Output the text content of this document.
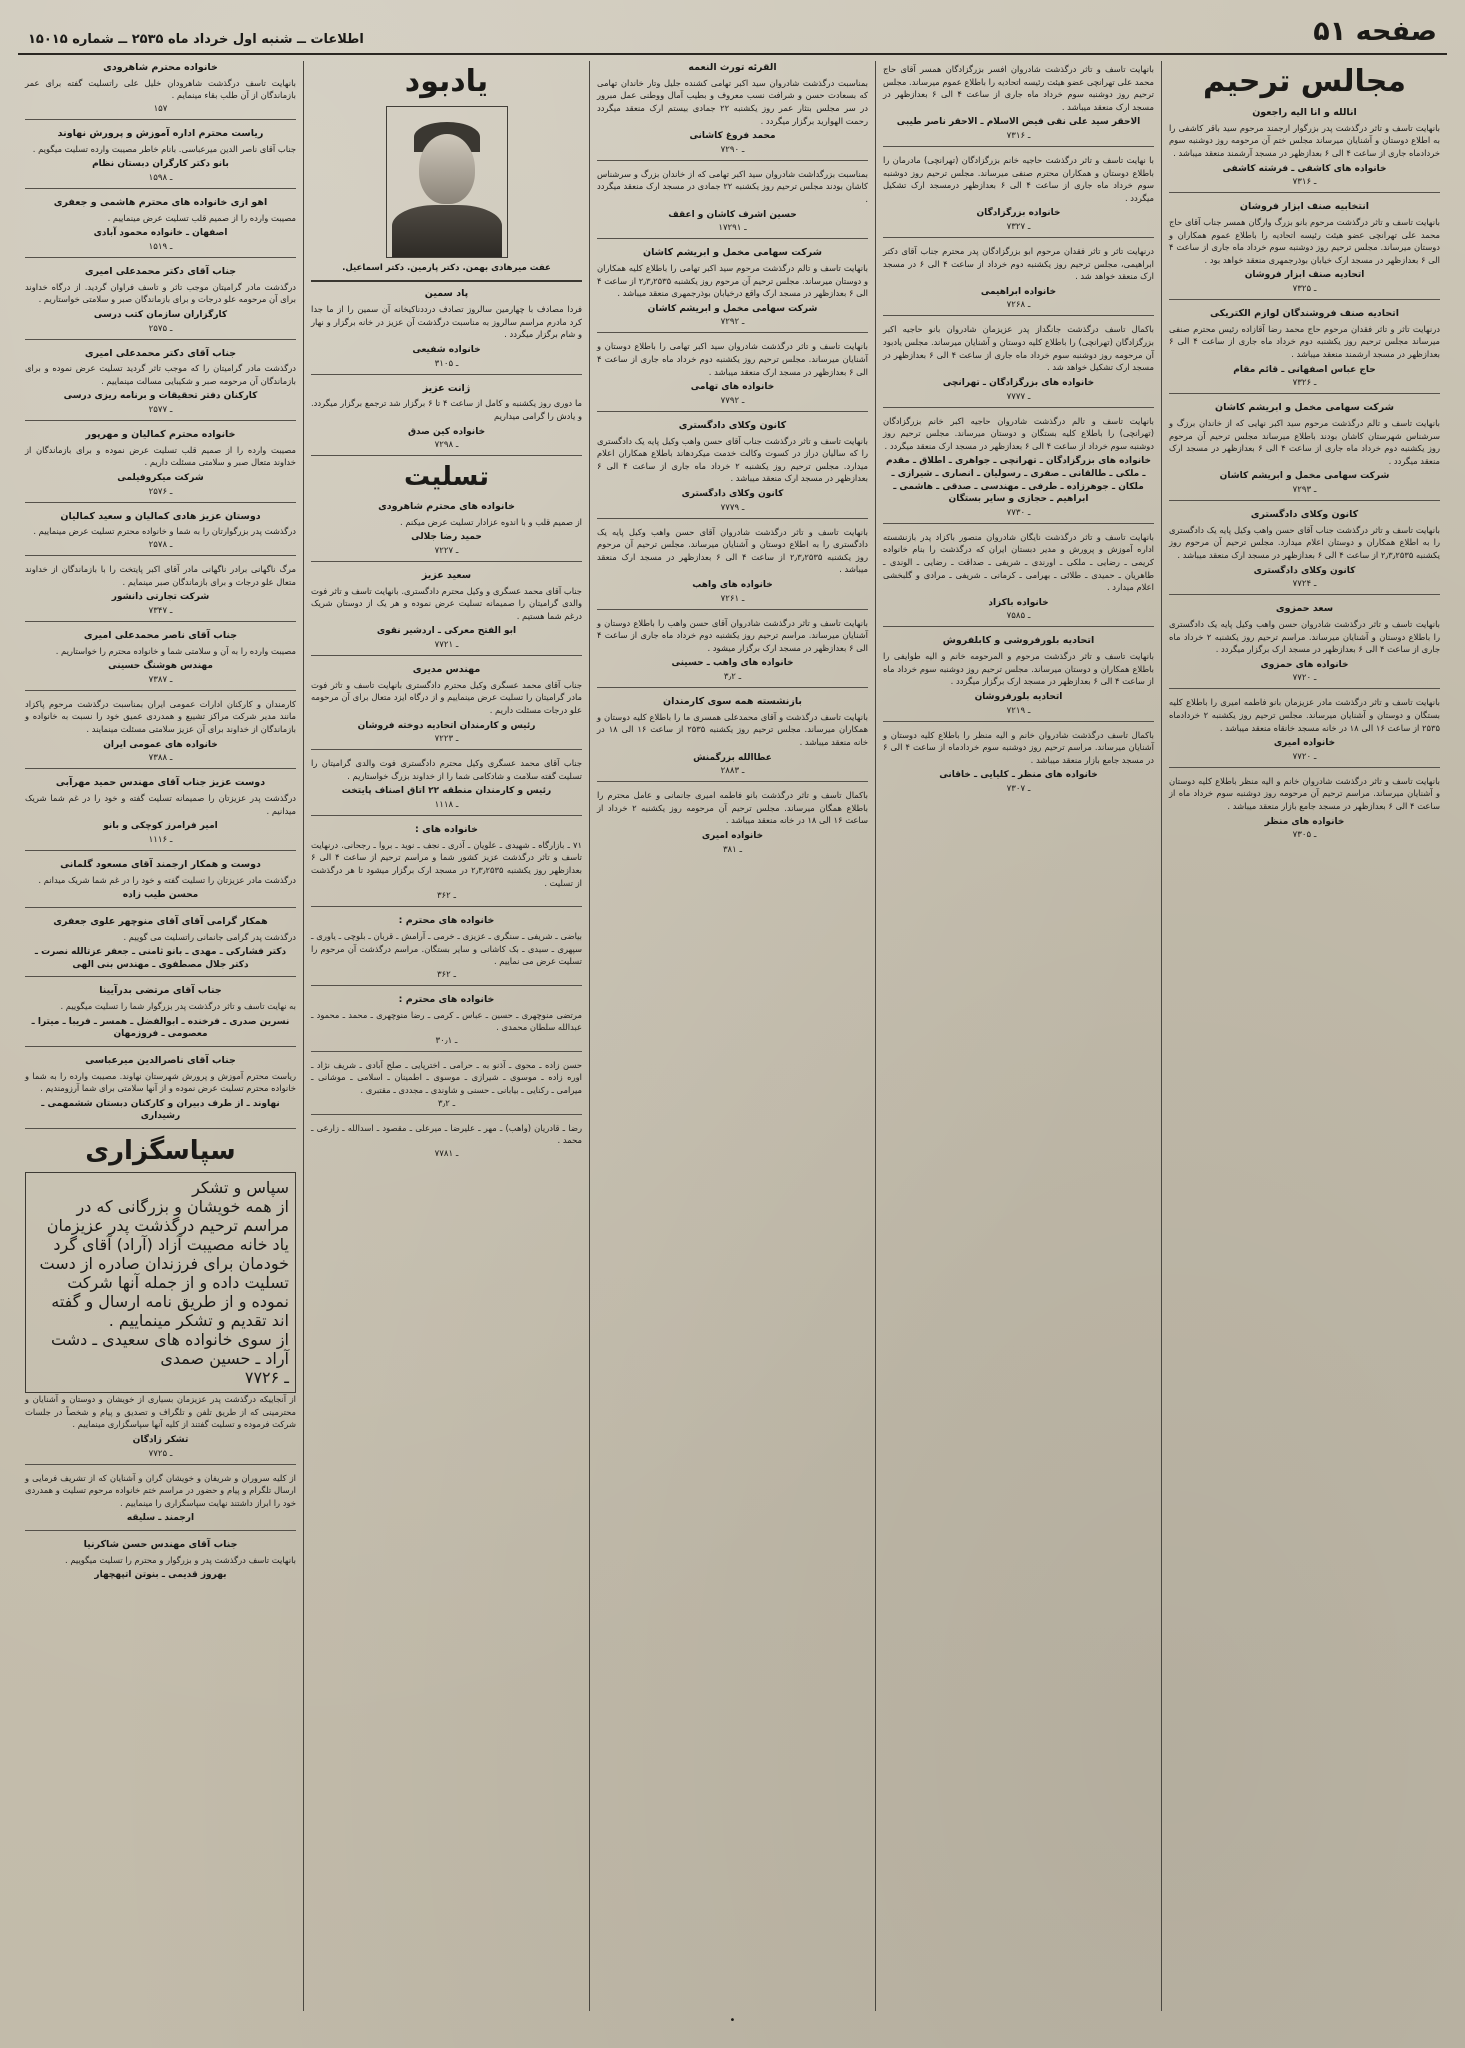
صفحه ۵۱
اطلاعات ــ شنبه اول خرداد ماه ۲۵۳۵ ــ شماره ۱۵۰۱۵
مجالس ترحیم
انالله و انا الیه راجعون
بانهایت تاسف و تاثر درگذشت پدر بزرگوار ارجمند مرحوم سید باقر کاشفی را به اطلاع دوستان و آشنایان میرساند مجلس ختم آن مرحومه روز دوشنبه سوم خردادماه جاری از ساعت ۴ الی ۶ بعدازظهر در مسجد آرشمند منعقد میباشد .
خانواده های کاشفی ـ فرشته کاشفی
ـ ۷۳۱۶
انتخابیه صنف ابزار فروشان
بانهایت تاسف و تاثر درگذشت مرحوم بانو بزرگ وارگان همسر جناب آقای حاج محمد علی تهرانچی عضو هیئت رئیسه اتحادیه را باطلاع عموم همکاران و دوستان میرساند. مجلس ترحیم روز دوشنبه سوم خرداد ماه جاری از ساعت ۴ الی ۶ بعدازظهر در مسجد ارک خیابان بوذرجمهری منعقد خواهد بود .
اتحادیه صنف ابزار فروشان
ـ ۷۳۲۵
اتحادیه صنف فروشندگان لوازم الکتریکی
درنهایت تاثر و تاثر فقدان مرحوم حاج محمد رضا آقازاده رئیس محترم صنفی میرساند مجلس ترحیم روز یکشنبه دوم خرداد ماه جاری از ساعت ۴ الی ۶ بعدازظهر در مسجد ارشمند منعقد میباشد .
حاج عباس اصفهانی ـ قائم مقام
ـ ۷۳۲۶
شرکت سهامی مخمل و ابریشم کاشان
بانهایت تاسف و تالم درگذشت مرحوم سید اکبر نهایی که از خاندان برزگ و سرشناس شهرستان کاشان بودند باطلاع میرساند مجلس ترحیم آن مرحوم روز یکشنبه دوم خرداد ماه جاری از ساعت ۴ الی ۶ بعدازظهر در مسجد ارک منعقد میگردد .
شرکت سهامی مخمل و ابریشم کاشان
ـ ۷۲۹۳
کانون وکلای دادگستری
بانهایت تاسف و تاثر درگذشت جناب آقای حسن واهب وکیل پایه یک دادگستری را به اطلاع همکاران و دوستان اعلام میدارد. مجلس ترحیم آن مرحوم روز یکشنبه ۲٫۳٫۲۵۳۵ از ساعت ۴ الی ۶ بعدازظهر در مسجد ارک منعقد میباشد .
کانون وکلای دادگستری
ـ ۷۷۲۴
سعد حمزوی
بانهایت تاسف و تاثر درگذشت شادروان حسن واهب وکیل پایه یک دادگستری را باطلاع دوستان و آشنایان میرساند. مراسم ترحیم روز یکشنبه ۲ خرداد ماه جاری از ساعت ۴ الی ۶ بعدازظهر در مسجد ارک برگزار میگردد .
خانواده های حمزوی
ـ ۷۷۲۰
بانهایت تاسف و تاثر درگذشت مادر عزیزمان بانو فاطمه امیری را باطلاع کلیه بستگان و دوستان و آشنایان میرساند. مجلس ترحیم روز یکشنبه ۲ خردادماه ۲۵۳۵ از ساعت ۱۶ الی ۱۸ در خانه مسجد خانقاه منعقد میباشد .
خانواده امیری
ـ ۷۷۲۰
بانهایت تاسف و تاثر درگذشت شادروان خانم و الیه منظر باطلاع کلیه دوستان و آشنایان میرساند. مراسم ترحیم آن مرحومه روز دوشنبه سوم خرداد ماه از ساعت ۴ الی ۶ بعدازظهر در مسجد جامع بازار منعقد میباشد .
خانواده های منظر
ـ ۷۳۰۵
بانهایت تاسف و تاثر درگذشت شادروان افسر بزرگزادگان همسر آقای حاج محمد علی تهرانچی عضو هیئت رئیسه اتحادیه را باطلاع عموم میرساند. مجلس ترحیم روز دوشنبه سوم خرداد ماه جاری از ساعت ۴ الی ۶ بعدازظهر در مسجد ارک منعقد میباشد .
الاحقر سید علی نقی فیض الاسلام ـ الاحقر ناصر طیبی
ـ ۷۳۱۶
با نهایت تاسف و تاثر درگذشت حاجیه خانم بزرگزادگان (تهرانچی) مادرمان را باطلاع دوستان و همکاران محترم صنفی میرساند. مجلس ترحیم روز دوشنبه سوم خرداد ماه جاری از ساعت ۴ الی ۶ بعدازظهر درمسجد ارک تشکیل میگردد .
خانواده بزرگزادگان
ـ ۷۳۲۷
درنهایت تاثر و تاثر فقدان مرحوم ابو بزرگزادگان پدر محترم جناب آقای دکتر ابراهیمی، مجلس ترحیم روز یکشنبه دوم خرداد از ساعت ۴ الی ۶ در مسجد ارک منعقد خواهد شد .
خانواده ابراهیمی
ـ ۷۲۶۸
باکمال تاسف درگذشت جانگداز پدر عزیزمان شادروان بانو حاجیه اکبر بزرگزادگان (تهرانچی) را باطلاع کلیه دوستان و آشنایان میرساند. مجلس یادبود آن مرحومه روز دوشنبه سوم خرداد ماه جاری از ساعت ۴ الی ۶ بعدازظهر در مسجد ارک تشکیل خواهد شد .
خانواده های بزرگزادگان ـ تهرانچی
ـ ۷۷۷۷
بانهایت تاسف و تالم درگذشت شادروان حاجیه اکبر خانم بزرگزادگان (تهرانچی) را باطلاع کلیه بستگان و دوستان میرساند. مجلس ترحیم روز دوشنبه سوم خرداد از ساعت ۴ الی ۶ بعدازظهر در مسجد ارک منعقد میگردد .
خانواده های بزرگزادگان ـ تهرانچی ـ جواهری ـ اطلاق ـ مقدم ـ ملکی ـ طالقانی ـ صفری ـ رسولیان ـ انصاری ـ شیرازی ـ ملکان ـ جوهرزاده ـ طرفی ـ مهندسی ـ صدقی ـ هاشمی ـ ابراهیم ـ حجازی و سایر بستگان
ـ ۷۷۳۰
بانهایت تاسف و تاثر درگذشت نایگان شادروان منصور باکزاد پدر بازنشسته اداره آموزش و پرورش و مدیر دبستان ایران که درگذشت را بنام خانواده کریمی ـ رضایی ـ ملکی ـ اورندی ـ شریفی ـ صداقت ـ رضایی ـ الوندی ـ طاهریان ـ حمیدی ـ طلائی ـ بهرامی ـ کرمانی ـ شریفی ـ مرادی و گلبخشی اعلام میدارد .
خانواده باکزاد
ـ ۷۵۸۵
اتحادیه بلورفروشی و کابلفروش
بانهایت تاسف و تاثر درگذشت مرحوم و المرحومه خانم و الیه طوایفی را باطلاع همکاران و دوستان میرساند. مجلس ترحیم روز دوشنبه سوم خرداد ماه از ساعت ۴ الی ۶ بعدازظهر در مسجد ارک برگزار میگردد .
اتحادیه بلورفروشان
ـ ۷۲۱۹
باکمال تاسف درگذشت شادروان خانم و الیه منظر را باطلاع کلیه دوستان و آشنایان میرساند. مراسم ترحیم روز دوشنبه سوم خردادماه از ساعت ۴ الی ۶ در مسجد جامع بازار منعقد میباشد .
خانواده های منظر ـ کلیایی ـ خاقانی
ـ ۷۳۰۷
القرئه تورث النعمه
بمناسبت درگذشت شادروان سید اکبر تهامی کشنده جلیل وتار خاندان تهامی که بسعادت حسن و شرافت نسب معروف و بطیب آمال ووطنی عمل مبرور در سر مجلس بنثار عمر روز یکشنبه ۲۲ جمادی بیستم ارک منعقد میگردد رحمت الهوارید برگزار میگردد .
محمد فروغ کاشانی
ـ ۷۲۹۰
بمناسبت بزرگداشت شادروان سید اکبر تهامی که از خاندان بزرگ و سرشناس کاشان بودند مجلس ترحیم روز یکشنبه ۲۲ جمادی در مسجد ارک منعقد میگردد .
حسین اشرف کاشان و اعقف
ـ ۱۷۲۹۱
شرکت سهامی مخمل و ابریشم کاشان
بانهایت تاسف و تالم درگذشت مرحوم سید اکبر تهامی را باطلاع کلیه همکاران و دوستان میرساند. مجلس ترحیم آن مرحوم روز یکشنبه ۲٫۳٫۲۵۳۵ از ساعت ۴ الی ۶ بعدازظهر در مسجد ارک واقع درخیابان بوذرجمهری منعقد میباشد .
شرکت سهامی مخمل و ابریشم کاشان
ـ ۷۲۹۲
بانهایت تاسف و تاثر درگذشت شادروان سید اکبر تهامی را باطلاع دوستان و آشنایان میرساند. مجلس ترحیم روز یکشنبه دوم خرداد ماه جاری از ساعت ۴ الی ۶ بعدازظهر در مسجد ارک منعقد میباشد .
خانواده های تهامی
ـ ۷۷۹۲
کانون وکلای دادگستری
بانهایت تاسف و تاثر درگذشت جناب آقای حسن واهب وکیل پایه یک دادگستری را که سالیان دراز در کسوت وکالت خدمت میکردهاند باطلاع همکاران اعلام میدارد. مجلس ترحیم روز یکشنبه ۲ خرداد ماه جاری از ساعت ۴ الی ۶ بعدازظهر در مسجد ارک منعقد میباشد .
کانون وکلای دادگستری
ـ ۷۷۷۹
بانهایت تاسف و تاثر درگذشت شادروان آقای حسن واهب وکیل پایه یک دادگستری را به اطلاع دوستان و آشنایان میرساند. مجلس ترحیم آن مرحوم روز یکشنبه ۲٫۳٫۲۵۳۵ از ساعت ۴ الی ۶ بعدازظهر در مسجد ارک منعقد میباشد .
خانواده های واهب
ـ ۷۲۶۱
بانهایت تاسف و تاثر درگذشت شادروان آقای حسن واهب را باطلاع دوستان و آشنایان میرساند. مراسم ترحیم روز یکشنبه دوم خرداد ماه جاری از ساعت ۴ الی ۶ بعدازظهر در مسجد ارک برگزار میشود .
خانواده های واهب ـ حسینی
ـ ۳٫۲
بازنشسته همه سوی کارمندان
بانهایت تاسف درگذشت و آقای محمدعلی همسری ما را باطلاع کلیه دوستان و همکاران میرساند. مجلس ترحیم روز یکشنبه ۲۵۳۵ از ساعت ۱۶ الی ۱۸ در خانه منعقد میباشد .
عطاالله بزرگمنش
ـ ۲۸۸۳
باکمال تاسف و تاثر درگذشت بانو فاطمه امیری جانمانی و عامل محترم را باطلاع همگان میرساند. مجلس ترحیم آن مرحومه روز یکشنبه ۲ خرداد از ساعت ۱۶ الی ۱۸ در خانه منعقد میباشد .
خانواده امیری
ـ ۳۸۱
یادبود
عفت میرهادی بهمن. دکتر پارمین. دکتر اسماعیل.
پاد سمین
فردا مصادف با چهارمین سالروز تصادف درددناکیخانه آن سمین را از ما جدا کرد مادرم مراسم سالروز به مناسبت درگذشت آن عزیز در خانه برگزار و نهار و شام برگزار میگردد .
خانواده شفیعی
ـ ۳۱۰۵
ژانت عزیز
ما دوری روز یکشنبه و کامل از ساعت ۴ تا ۶ برگزار شد ترجمع برگزار میگردد. و یادش را گرامی میداریم
خانواده کین صدق
ـ ۷۲۹۸
تسلیت
خانواده های محترم شاهرودی
از صمیم قلب و با اندوه عزادار تسلیت عرض میکنم .
حمید رضا جلالی
ـ ۷۲۲۷
سعید عزیز
جناب آقای محمد عسگری و وکیل محترم دادگستری. بانهایت تاسف و تاثر فوت والدی گرامیتان را صمیمانه تسلیت عرض نموده و هر یک از دوستان شریک درغم شما هستیم .
ابو الفتح معرکی ـ اردشیر نقوی
ـ ۷۷۲۱
مهندس مدیری
جناب آقای محمد عسگری وکیل محترم دادگستری بانهایت تاسف و تاثر فوت مادر گرامیتان را تسلیت عرض مینماییم و از درگاه ایزد متعال برای آن مرحومه علو درجات مسئلت داریم .
رئیس و کارمندان اتحادیه دوخته فروشان
ـ ۷۲۲۳
جناب آقای محمد عسگری وکیل محترم دادگستری فوت والدی گرامیتان را تسلیت گفته سلامت و شادکامی شما را از خداوند بزرگ خواستاریم .
رئیس و کارمندان منطقه ۲۲ اتاق اصناف پایتخت
ـ ۱۱۱۸
خانواده های :
۷۱ ـ بازارگاه ـ شهیدی ـ علویان ـ آذری ـ نجف ـ نوید ـ بروا ـ رجحانی. درنهایت تاسف و تاثر درگذشت عزیز کشور شما و مراسم ترحیم از ساعت ۴ الی ۶ بعدازظهر روز یکشنبه ۲٫۳٫۲۵۳۵ در مسجد ارک برگزار میشود تا هر درگذشت از تسلیت .
ـ ۳۶۲
خانواده های محترم :
بیاضی ـ شریفی ـ سنگری ـ عزیزی ـ خرمی ـ آرامش ـ قربان ـ بلوچی ـ یاوری ـ سپهری ـ سیدی ـ بک کاشانی و سایر بستگان. مراسم درگذشت آن مرحوم را تسلیت عرض می نماییم .
ـ ۳۶۲
خانواده های محترم :
مرتضی منوچهری ـ حسین ـ عباس ـ کرمی ـ رضا منوچهری ـ محمد ـ محمود ـ عبدالله سلطان محمدی .
ـ ۳۰٫۱
حسن زاده ـ محوی ـ آذنو به ـ حرامی ـ اخترپایی ـ صلح آبادی ـ شریف نژاد ـ اوره زاده ـ موسوی ـ شیرازی ـ موسوی ـ اطمینان ـ اسلامی ـ موشانی ـ میرامی ـ رکنایی ـ بیابانی ـ حسنی و شاوندی ـ مجددی ـ مقتبری .
ـ ۳٫۲
رضا ـ قادریان (واهب) ـ مهر ـ علیرضا ـ میرعلی ـ مقصود ـ اسدالله ـ زارعی ـ محمد .
ـ ۷۷۸۱
خانواده محترم شاهرودی
بانهایت تاسف درگذشت شاهرودان خلیل علی راتسلیت گفته برای عمر بازماندگان از آن طلب بقاء مینمایم .
۱۵۷
ریاست محترم اداره آموزش و پرورش نهاوند
جناب آقای ناصر الدین میرعباسی. بانام خاطر مصیبت وارده تسلیت میگویم .
بانو دکتر کارگران دبستان نظام
ـ ۱۵۹۸
اهو ازی خانواده های محترم هاشمی و جعفری
مصیبت وارده را از صمیم قلب تسلیت عرض مینماییم .
اصفهان ـ خانواده محمود آبادی
ـ ۱۵۱۹
جناب آقای دکتر محمدعلی امیری
درگذشت مادر گرامیتان موجب تاثر و تاسف فراوان گردید. از درگاه خداوند برای آن مرحومه علو درجات و برای بازماندگان صبر و سلامتی خواستاریم .
کارگزاران سازمان کتب درسی
ـ ۲۵۷۵
جناب آقای دکتر محمدعلی امیری
درگذشت مادر گرامیتان را که موجب تاثر گردید تسلیت عرض نموده و برای بازماندگان آن مرحومه صبر و شکیبایی مسالت مینماییم .
کارکنان دفتر تحقیقات و برنامه ریزی درسی
ـ ۲۵۷۷
خانواده محترم کمالیان و مهرپور
مصیبت وارده را از صمیم قلب تسلیت عرض نموده و برای بازماندگان از خداوند متعال صبر و سلامتی مسئلت داریم .
شرکت میکروفیلمی
ـ ۲۵۷۶
دوستان عزیز هادی کمالیان و سعید کمالیان
درگذشت پدر بزرگوارتان را به شما و خانواده محترم تسلیت عرض مینماییم .
ـ ۲۵۷۸
مرگ ناگهانی برادر ناگهانی مادر آقای اکبر پایتخت را با بازماندگان از خداوند متعال علو درجات و برای بازماندگان صبر مینمایم .
شرکت تجارتی دانشور
ـ ۷۳۴۷
جناب آقای ناصر محمدعلی امیری
مصیبت وارده را به آن و سلامتی شما و خانواده محترم را خواستاریم .
مهندس هوشنگ حسینی
ـ ۷۳۸۷
کارمندان و کارکنان ادارات عمومی ایران بمناسبت درگذشت مرحوم پاکزاد مانند مدیر شرکت مراکز تشییع و همدردی عمیق خود را نسبت به خانواده و بازماندگان از خداوند برای آن عزیز سلامتی مسئلت مینمایند .
خانواده های عمومی ایران
ـ ۷۳۸۸
دوست عزیز جناب آقای مهندس حمید مهرآبی
درگذشت پدر عزیزتان را صمیمانه تسلیت گفته و خود را در غم شما شریک میدانیم .
امیر فرامرز کوچکی و بانو
ـ ۱۱۱۶
دوست و همکار ارجمند آقای مسعود گلمانی
درگذشت مادر عزیزتان را تسلیت گفته و خود را در غم شما شریک میدانم .
محسن طیب زاده
همکار گرامی آقای آقای منوچهر علوی جعفری
درگذشت پدر گرامی جانمانی راتسلیت می گوییم .
دکتر فشارکی ـ مهدی ـ بانو ثامنی ـ جعفر عزتالله نصرت ـ دکتر جلال مصطفوی ـ مهندس بنی الهی
جناب آقای مرتضی بدرآیینا
به نهایت تاسف و تاثر درگذشت پدر بزرگوار شما را تسلیت میگوییم .
نسرین صدری ـ فرخنده ـ ابوالفضل ـ همسر ـ فریبا ـ میترا ـ معصومی ـ فروزمهان
جناب آقای ناصرالدین میرعباسی
ریاست محترم آموزش و پرورش شهرستان نهاوند. مصیبت وارده را به شما و خانواده محترم تسلیت عرض نموده و از آنها سلامتی برای شما آرزومندیم .
نهاوند ـ از طرف دبیران و کارکنان دبستان ششمهمی ـ رشیداری
سپاسگزاری
سپاس و تشکر
از همه خویشان و بزرگانی که در مراسم ترحیم درگذشت پدر عزیزمان یاد خانه مصیبت آزاد (آراد) آقای گرد خودمان برای فرزندان صادره از دست تسلیت داده و از جمله آنها شرکت نموده و از طریق نامه ارسال و گفته اند تقدیم و تشکر مینماییم .
از سوی خانواده های سعیدی ـ دشت آراد ـ حسین صمدی
ـ ۷۷۲۶
از آنجاییکه درگذشت پدر عزیزمان بسیاری از خویشان و دوستان و آشنایان و محترمینی که از طریق تلفن و تلگراف و تصدیق و پیام و شخصاً در جلسات شرکت فرموده و تسلیت گفتند از کلیه آنها سپاسگزاری مینماییم .
تشکر زادگان
ـ ۷۷۲۵
از کلیه سروران و شریفان و خویشان گران و آشنایان که از تشریف فرمایی و ارسال تلگرام و پیام و حضور در مراسم ختم خانواده مرحوم تسلیت و همدردی خود را ابراز داشتند نهایت سپاسگزاری را مینماییم .
ارجمند ـ سلیقه
جناب آقای مهندس حسن شاکرنیا
بانهایت تاسف درگذشت پدر و بزرگوار و محترم را تسلیت میگوییم .
بهروز قدیمی ـ بنوتن اتپهچهار
•
